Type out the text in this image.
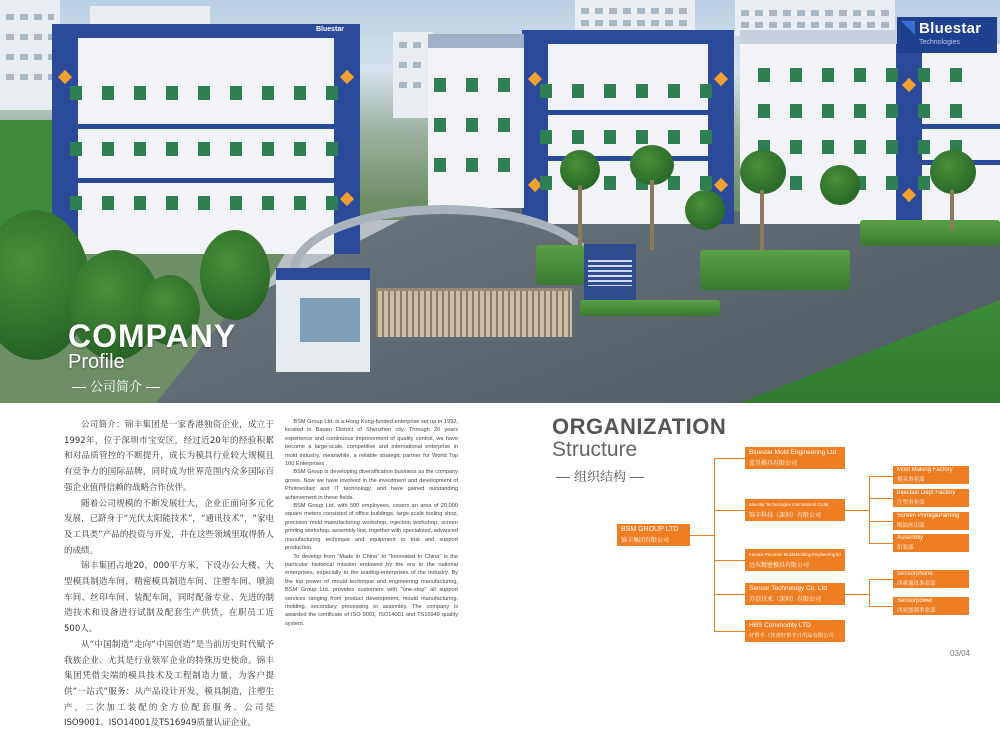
Bluestar	Bluestar
Technologies
COMPANY
Profile
公司简介

公司简介：锦丰集团是一家香港独资企业，成立于1992年，位于深圳市宝安区，经过近20年的经验积累和对品质管控的不断提升，成长为模具行业较大规模且有竞争力的国际品牌，同时成为世界范围内众多国际百强企业值得信赖的战略合作伙伴。

随着公司规模的不断发展壮大，企业正面向多元化发展，已跻身于“光伏太阳能技术”，“通讯技术”，“家电及工具类”产品的投资与开发，并在这些领域里取得骄人的成绩。

锦丰集团占地20，000平方米，下设办公大楼、大型模具制造车间，精密模具制造车间、注塑车间、喷油车间、丝印车间、装配车间，同时配备专业、先进的制造技术和设备进行试制及配套生产供货，在职员工近500人。

从“中国制造”走向“中国创造”是当前历史时代赋予我族企业、尤其是行业领军企业的特殊历史使命。锦丰集团凭借尖端的模具技术及工程制造力量，为客户提供“一站式”服务：从产品设计开发，模具制造，注塑生产，二次加工装配的全方位配套服务。公司是ISO9001、ISO14001及TS16949质量认证企业。

BSM Group Ltd. is a Hong Kong-funded enterprise set up in 1992, located in Baoan District of Shenzhen city. Through 20 years experience and continuous improvement of quality control, we have become a large-scale, competitive and international enterprise in mold industry, meanwhile, a reliable strategic partner for World Top 100 Enterprises .

BSM Group is developing diversification business as the company grows. Now we have involved in the investment and development of Photovoltaic and IT technology, and have gained outstanding achievement in these fields.

BSM Group Ltd. with 500 employees, covers an area of 20,000 square meters consisted of office buildings, large-scale tooling shop, precision mold manufacturing workshop, injection workshop, screen printing workshop, assembly line, together with specialized, advanced manufacturing technique and equipment to trial and support production.

To develop from "Made in China" to "Innovated In China" is the particular historical mission endowed by the era to the national enterprises, especially to the leading-enterprises of the industry. By the top power of mould technique and engineering manufacturing, BSM Group Ltd. provides customers with "one-stop" all support services ranging from product development, mould manufacturing, molding, secondary processing to assembly. The company is awarded the certificate of ISO 9001, ISO14001 and TS16949 quality system.

ORGANIZATION
Structure
组织结构
BSM GROUP LTD
锦丰集团有限公司
Bluestar Mold Engineering Ltd
蓝星模具有限公司
Bluestar Technologies International Co.ltd
锦丰科技（深圳）有限公司
Fareast Precision Mold&Molding Engineering ltd
远东精密模具有限公司
Sensor Technology Co. Ltd
苏信技术（深圳）有限公司
HBS Commodity LTD
好帮手（佳喜好帮手日用品有限公司
Mold Making Factory
模具事业部
Injection Dept Factory
注塑事业部
Screen Printig&Parning
喷油丝印部
Assembly
组装部
Sensorphone
西索通讯事业部
Sensorpower
西索能源事业部
03/04
